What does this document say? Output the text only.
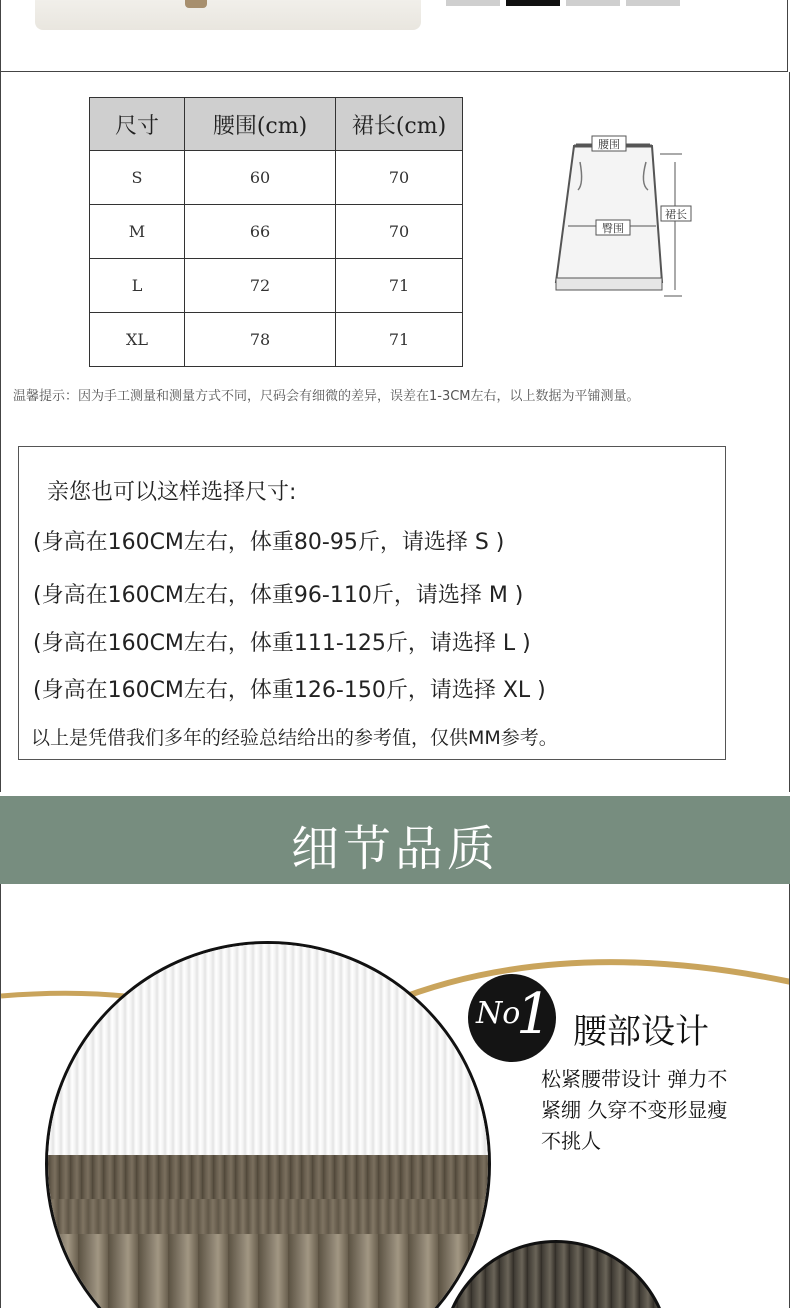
尺寸	腰围(cm)	裙长(cm)
S	60	70
M	66	70
L	72	71
XL	78	71
腰围
臀围
裙长
温馨提示：因为手工测量和测量方式不同，尺码会有细微的差异，误差在1-3CM左右，以上数据为平铺测量。
亲您也可以这样选择尺寸:
(身高在160CM左右，体重80-95斤，请选择 S )
(身高在160CM左右，体重96-110斤，请选择 M )
(身高在160CM左右，体重111-125斤，请选择 L )
(身高在160CM左右，体重126-150斤，请选择 XL )
以上是凭借我们多年的经验总结给出的参考值，仅供MM参考。
细节品质
No
1 腰部设计
松紧腰带设计 弹力不
紧绷 久穿不变形显瘦
不挑人
